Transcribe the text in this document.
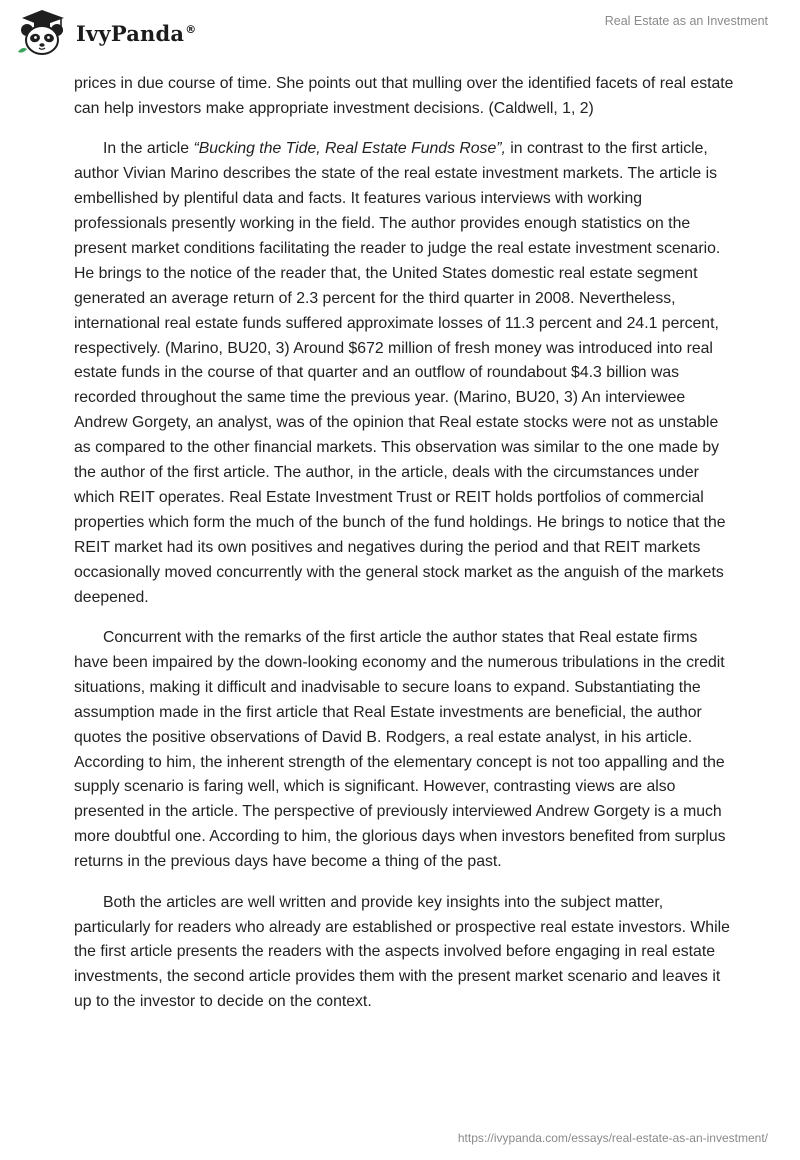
IvyPanda®
Real Estate as an Investment

prices in due course of time. She points out that mulling over the identified facets of real estate can help investors make appropriate investment decisions. (Caldwell, 1, 2)

In the article “Bucking the Tide, Real Estate Funds Rose”, in contrast to the first article, author Vivian Marino describes the state of the real estate investment markets. The article is embellished by plentiful data and facts. It features various interviews with working professionals presently working in the field. The author provides enough statistics on the present market conditions facilitating the reader to judge the real estate investment scenario. He brings to the notice of the reader that, the United States domestic real estate segment generated an average return of 2.3 percent for the third quarter in 2008. Nevertheless, international real estate funds suffered approximate losses of 11.3 percent and 24.1 percent, respectively. (Marino, BU20, 3) Around $672 million of fresh money was introduced into real estate funds in the course of that quarter and an outflow of roundabout $4.3 billion was recorded throughout the same time the previous year. (Marino, BU20, 3) An interviewee Andrew Gorgety, an analyst, was of the opinion that Real estate stocks were not as unstable as compared to the other financial markets. This observation was similar to the one made by the author of the first article. The author, in the article, deals with the circumstances under which REIT operates. Real Estate Investment Trust or REIT holds portfolios of commercial properties which form the much of the bunch of the fund holdings. He brings to notice that the REIT market had its own positives and negatives during the period and that REIT markets occasionally moved concurrently with the general stock market as the anguish of the markets deepened.

Concurrent with the remarks of the first article the author states that Real estate firms have been impaired by the down-looking economy and the numerous tribulations in the credit situations, making it difficult and inadvisable to secure loans to expand. Substantiating the assumption made in the first article that Real Estate investments are beneficial, the author quotes the positive observations of David B. Rodgers, a real estate analyst, in his article. According to him, the inherent strength of the elementary concept is not too appalling and the supply scenario is faring well, which is significant. However, contrasting views are also presented in the article. The perspective of previously interviewed Andrew Gorgety is a much more doubtful one. According to him, the glorious days when investors benefited from surplus returns in the previous days have become a thing of the past.

Both the articles are well written and provide key insights into the subject matter, particularly for readers who already are established or prospective real estate investors. While the first article presents the readers with the aspects involved before engaging in real estate investments, the second article provides them with the present market scenario and leaves it up to the investor to decide on the context.

https://ivypanda.com/essays/real-estate-as-an-investment/
